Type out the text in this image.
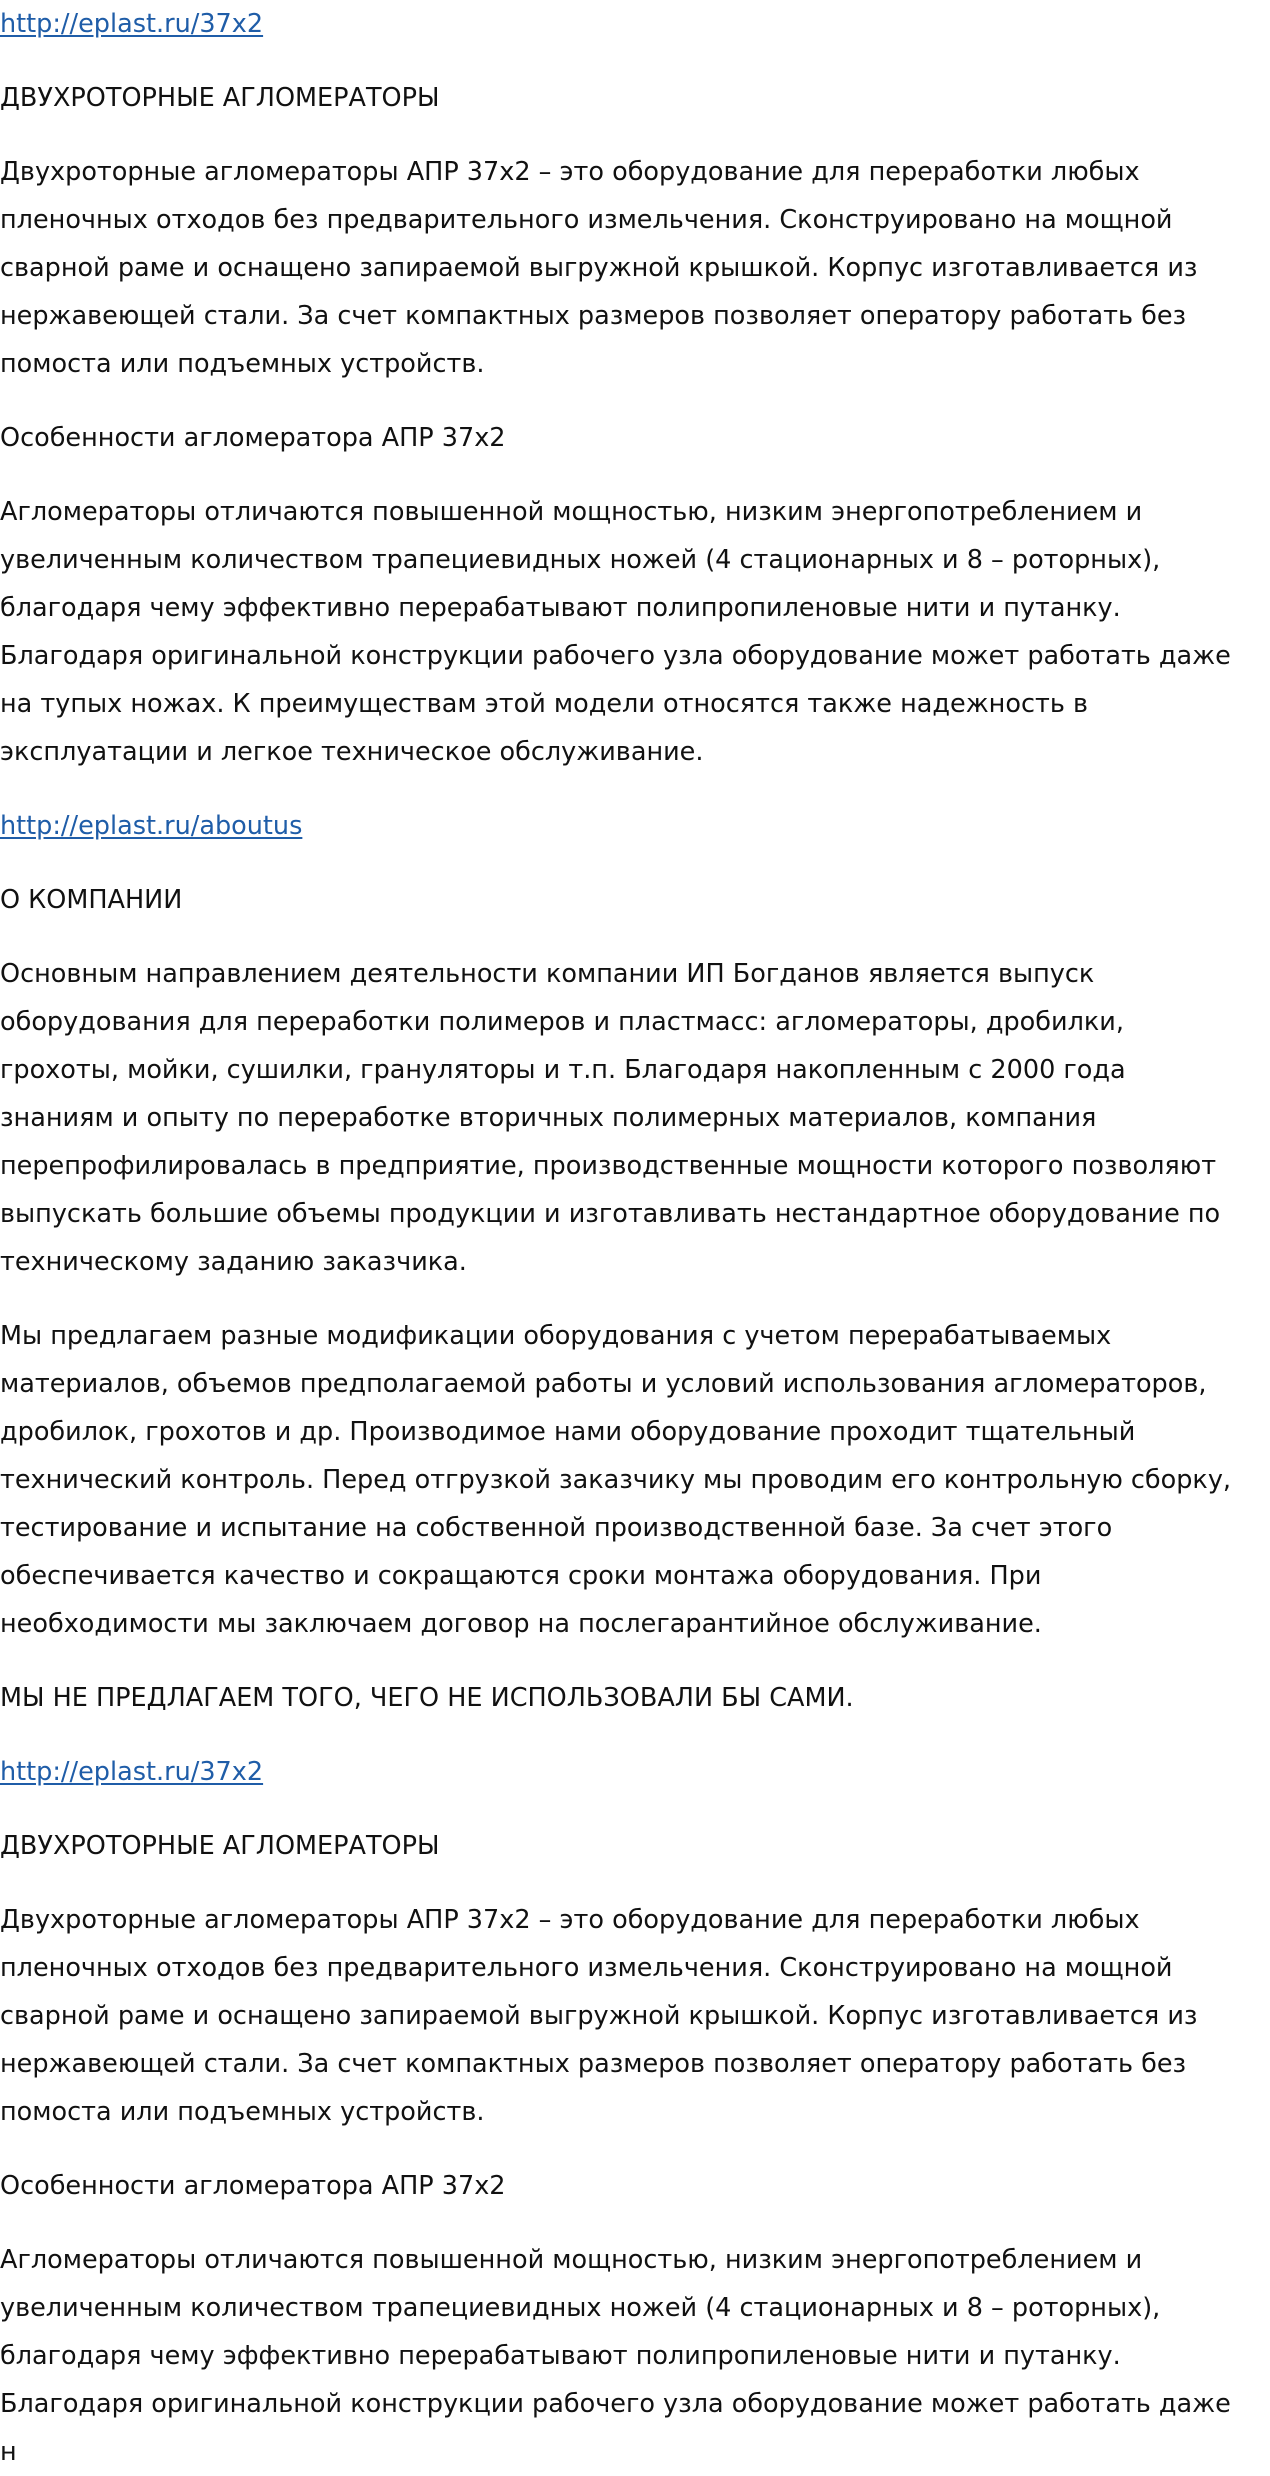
http://eplast.ru/37x2

ДВУХРОТОРНЫЕ АГЛОМЕРАТОРЫ

Двухроторные агломераторы АПР 37х2 – это оборудование для переработки любых
пленочных отходов без предварительного измельчения. Сконструировано на мощной
сварной раме и оснащено запираемой выгружной крышкой. Корпус изготавливается из
нержавеющей стали. За счет компактных размеров позволяет оператору работать без
помоста или подъемных устройств.

Особенности агломератора АПР 37х2

Агломераторы отличаются повышенной мощностью, низким энергопотреблением и
увеличенным количеством трапециевидных ножей (4 стационарных и 8 – роторных),
благодаря чему эффективно перерабатывают полипропиленовые нити и путанку.
Благодаря оригинальной конструкции рабочего узла оборудование может работать даже
на тупых ножах. К преимуществам этой модели относятся также надежность в
эксплуатации и легкое техническое обслуживание.

http://eplast.ru/aboutus

О КОМПАНИИ

Основным направлением деятельности компании ИП Богданов является выпуск
оборудования для переработки полимеров и пластмасс: агломераторы, дробилки,
грохоты, мойки, сушилки, грануляторы и т.п. Благодаря накопленным с 2000 года
знаниям и опыту по переработке вторичных полимерных материалов, компания
перепрофилировалась в предприятие, производственные мощности которого позволяют
выпускать большие объемы продукции и изготавливать нестандартное оборудование по
техническому заданию заказчика.

Мы предлагаем разные модификации оборудования с учетом перерабатываемых
материалов, объемов предполагаемой работы и условий использования агломераторов,
дробилок, грохотов и др. Производимое нами оборудование проходит тщательный
технический контроль. Перед отгрузкой заказчику мы проводим его контрольную сборку,
тестирование и испытание на собственной производственной базе. За счет этого
обеспечивается качество и сокращаются сроки монтажа оборудования. При
необходимости мы заключаем договор на послегарантийное обслуживание.

МЫ НЕ ПРЕДЛАГАЕМ ТОГО, ЧЕГО НЕ ИСПОЛЬЗОВАЛИ БЫ САМИ.

http://eplast.ru/37x2

ДВУХРОТОРНЫЕ АГЛОМЕРАТОРЫ

Двухроторные агломераторы АПР 37х2 – это оборудование для переработки любых
пленочных отходов без предварительного измельчения. Сконструировано на мощной
сварной раме и оснащено запираемой выгружной крышкой. Корпус изготавливается из
нержавеющей стали. За счет компактных размеров позволяет оператору работать без
помоста или подъемных устройств.

Особенности агломератора АПР 37х2

Агломераторы отличаются повышенной мощностью, низким энергопотреблением и
увеличенным количеством трапециевидных ножей (4 стационарных и 8 – роторных),
благодаря чему эффективно перерабатывают полипропиленовые нити и путанку.
Благодаря оригинальной конструкции рабочего узла оборудование может работать даже
н
